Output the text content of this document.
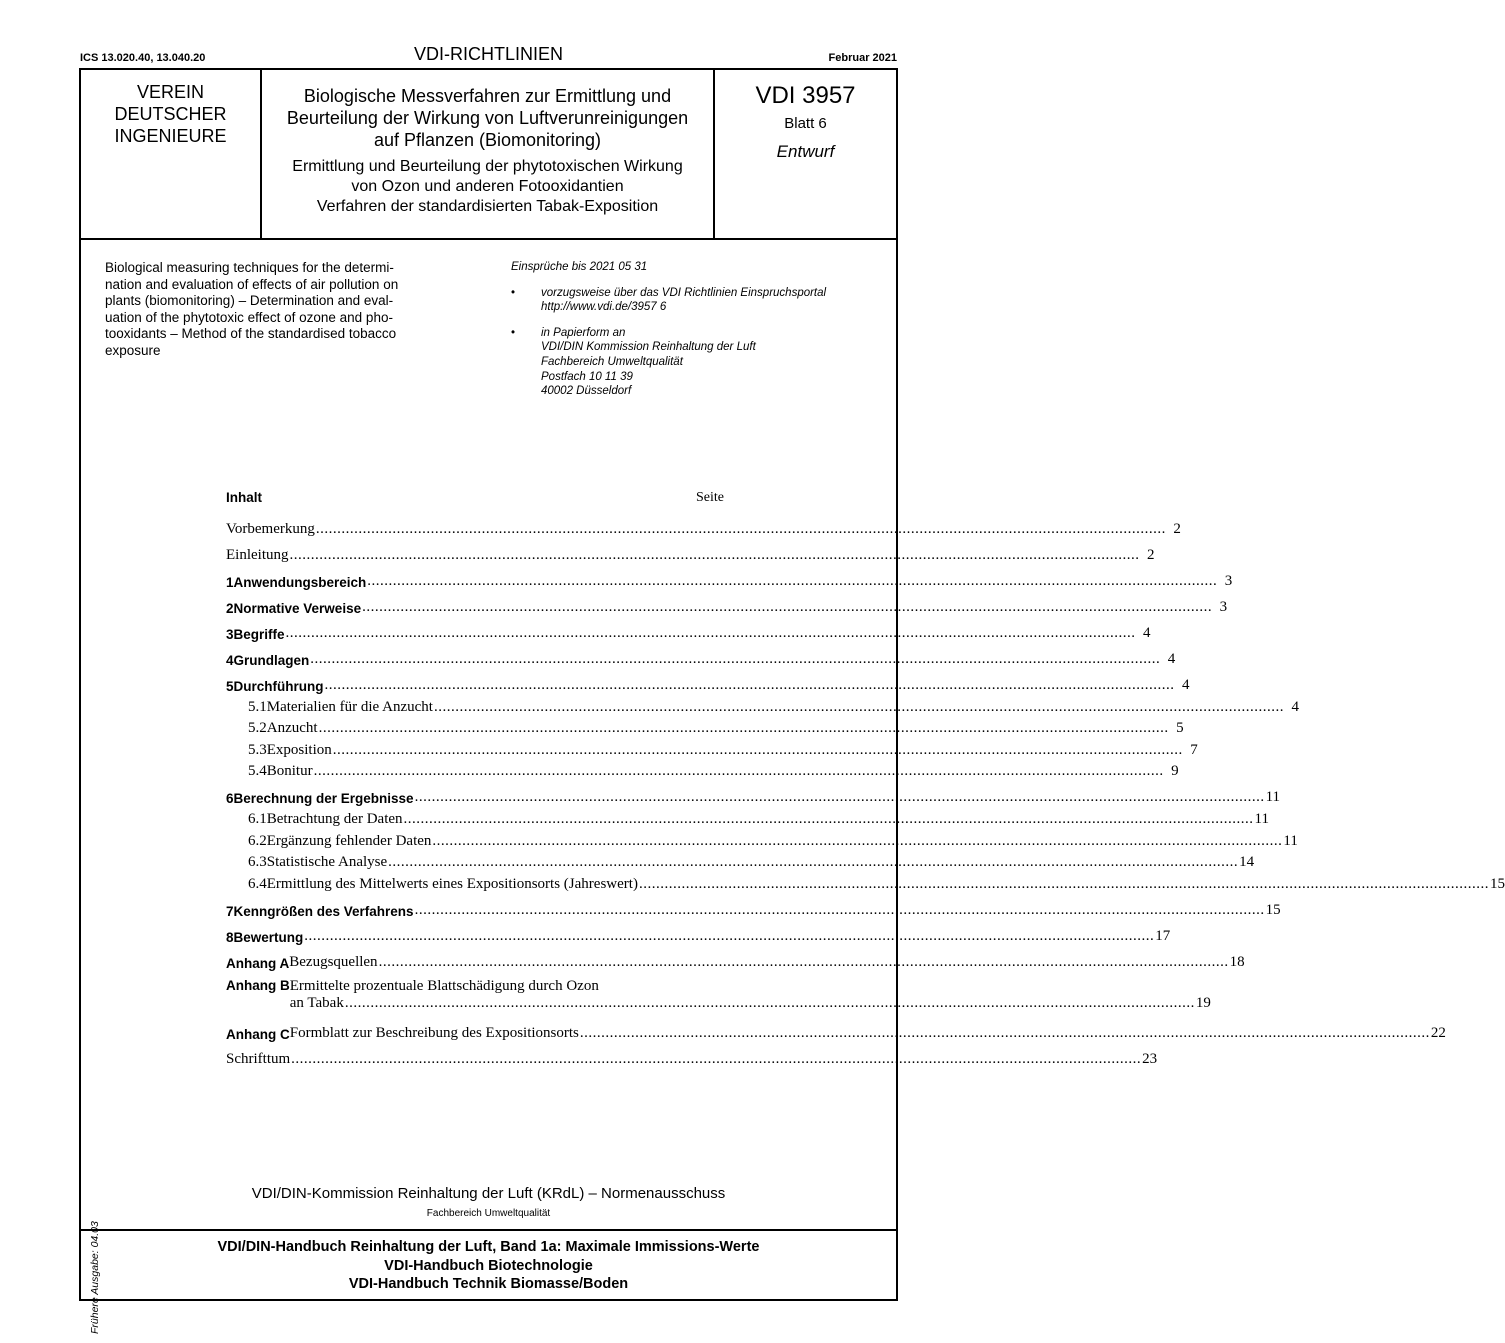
ICS 13.020.40, 13.040.20	VDI-RICHTLINIEN	Februar 2021
VEREIN
DEUTSCHER
INGENIEURE
Biologische Messverfahren zur Ermittlung und
Beurteilung der Wirkung von Luftverunreinigungen
auf Pflanzen (Biomonitoring)
Ermittlung und Beurteilung der phytotoxischen Wirkung
von Ozon und anderen Fotooxidantien
Verfahren der standardisierten Tabak-Exposition
VDI 3957
Blatt 6
Entwurf
Biological measuring techniques for the determi-
nation and evaluation of effects of air pollution on
plants (biomonitoring) – Determination and eval-
uation of the phytotoxic effect of ozone and pho-
tooxidants – Method of the standardised tobacco
exposure
Einsprüche bis 2021 05 31
• vorzugsweise über das VDI Richtlinien Einspruchsportal
http://www.vdi.de/3957 6
• in Papierform an
VDI/DIN Kommission Reinhaltung der Luft
Fachbereich Umweltqualität
Postfach 10 11 39
40002 Düsseldorf
Inhalt	Seite
Vorbemerkung .....	2
Einleitung .....	2
1 Anwendungsbereich .....	3
2 Normative Verweise .....	3
3 Begriffe .....	4
4 Grundlagen .....	4
5 Durchführung .....	4
5.1 Materialien für die Anzucht .....	4
5.2 Anzucht .....	5
5.3 Exposition .....	7
5.4 Bonitur .....	9
6 Berechnung der Ergebnisse .....	11
6.1 Betrachtung der Daten .....	11
6.2 Ergänzung fehlender Daten .....	11
6.3 Statistische Analyse .....	14
6.4 Ermittlung des Mittelwerts eines Expositionsorts (Jahreswert) .....	15
7 Kenngrößen des Verfahrens .....	15
8 Bewertung .....	17
Anhang A Bezugsquellen .....	18
Anhang B Ermittelte prozentuale Blattschädigung durch Ozon
an Tabak .....	19
Anhang C Formblatt zur Beschreibung des Expositionsorts .....	22
Schrifttum .....	23
Frühere Ausgabe: 04.03
VDI/DIN-Kommission Reinhaltung der Luft (KRdL) – Normenausschuss
Fachbereich Umweltqualität
VDI/DIN-Handbuch Reinhaltung der Luft, Band 1a: Maximale Immissions-Werte
VDI-Handbuch Biotechnologie
VDI-Handbuch Technik Biomasse/Boden
